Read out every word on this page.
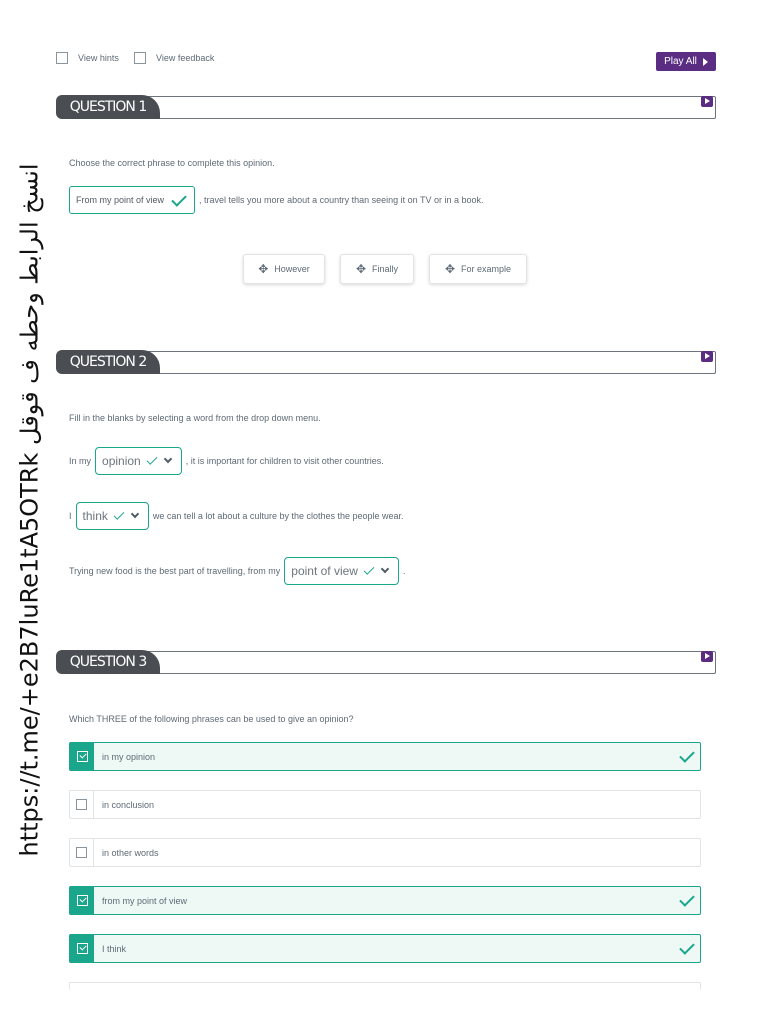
https://t.me/+e2B7luRe1tA5OTRk انسخ الرابط وحطه ف قوقل
View hints	View feedback	Play All
QUESTION 1
Choose the correct phrase to complete this opinion.
From my point of view	, travel tells you more about a country than seeing it on TV or in a book.
✥ However	✥ Finally	✥ For example
QUESTION 2
Fill in the blanks by selecting a word from the drop down menu.
In my opinion	, it is important for children to visit other countries.
I think	we can tell a lot about a culture by the clothes the people wear.
Trying new food is the best part of travelling, from my point of view	.
QUESTION 3
Which THREE of the following phrases can be used to give an opinion?
in my opinion
in conclusion
in other words
from my point of view
I think
